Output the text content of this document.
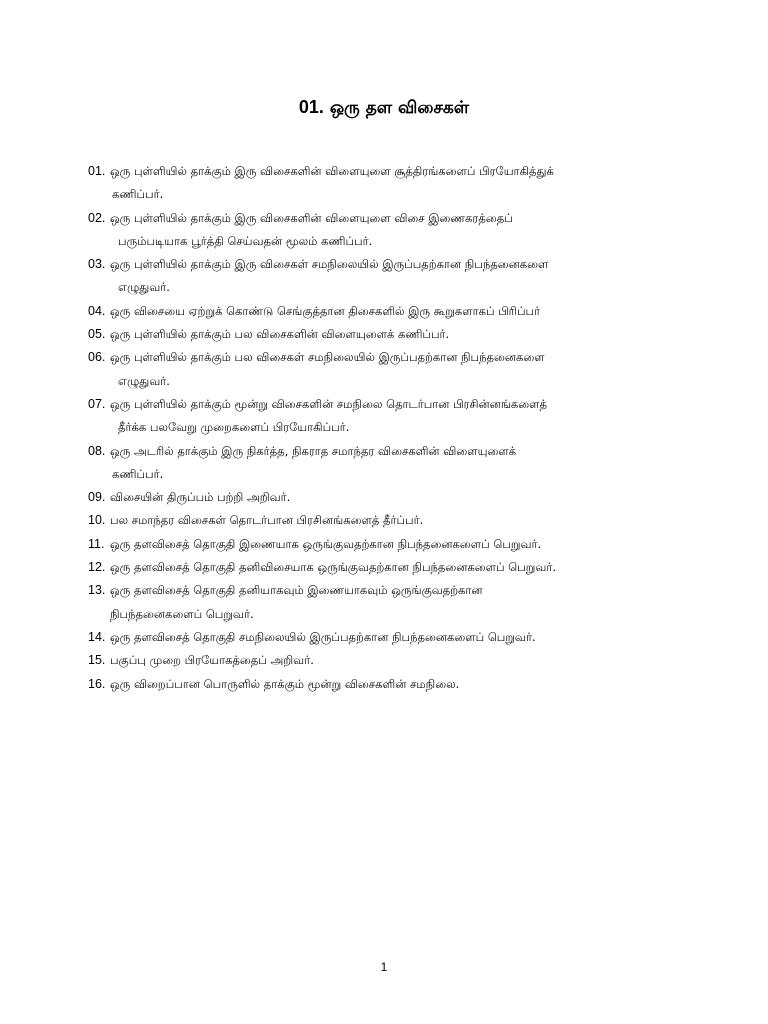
01. ஒரு தள விசைகள்
01. ஒரு புள்ளியில் தாக்கும் இரு விசைகளின் விளையுளை சூத்திரங்களைப் பிரயோகித்துக்
கணிப்பர்.
02. ஒரு புள்ளியில் தாக்கும் இரு விசைகளின் விளையுளை விசை இணைகரத்தைப்
பரும்படியாக பூர்த்தி செய்வதன் மூலம் கணிப்பர்.
03. ஒரு புள்ளியில் தாக்கும் இரு விசைகள் சமநிலையில் இருப்பதற்கான நிபந்தனைகளை
எழுதுவர்.
04. ஒரு விசையை ஏற்றுக் கொண்டு செங்குத்தான திசைகளில் இரு கூறுகளாகப் பிரிப்பர்
05. ஒரு புள்ளியில் தாக்கும் பல விசைகளின் விளையுளைக் கணிப்பர்.
06. ஒரு புள்ளியில் தாக்கும் பல விசைகள் சமநிலையில் இருப்பதற்கான நிபந்தனைகளை
எழுதுவர்.
07. ஒரு புள்ளியில் தாக்கும் மூன்று விசைகளின் சமநிலை தொடர்பான பிரசின்னங்களைத்
தீர்க்க பலவேறு முறைகளைப் பிரயோகிப்பர்.
08. ஒரு அடரில் தாக்கும் இரு நிகர்த்த, நிகராத சமாந்தர விசைகளின் விளையுளைக்
கணிப்பர்.
09. விசையின் திருப்பம் பற்றி அறிவர்.
10. பல சமாந்தர விசைகள் தொடர்பான பிரசினங்களைத் தீர்ப்பர்.
11. ஒரு தளவிசைத் தொகுதி இணையாக ஒருங்குவதற்கான நிபந்தனைகளைப் பெறுவர்.
12. ஒரு தளவிசைத் தொகுதி தனிவிசையாக ஒருங்குவதற்கான நிபந்தனைகளைப் பெறுவர்.
13. ஒரு தளவிசைத் தொகுதி தனியாகவும் இணையாகவும் ஒருங்குவதற்கான
நிபந்தனைகளைப் பெறுவர்.
14. ஒரு தளவிசைத் தொகுதி சமநிலையில் இருப்பதற்கான நிபந்தனைகளைப் பெறுவர்.
15. பகுப்பு முறை பிரயோகத்தைப் அறிவர்.
16. ஒரு விறைப்பான பொருளில் தாக்கும் மூன்று விசைகளின் சமநிலை.
1
